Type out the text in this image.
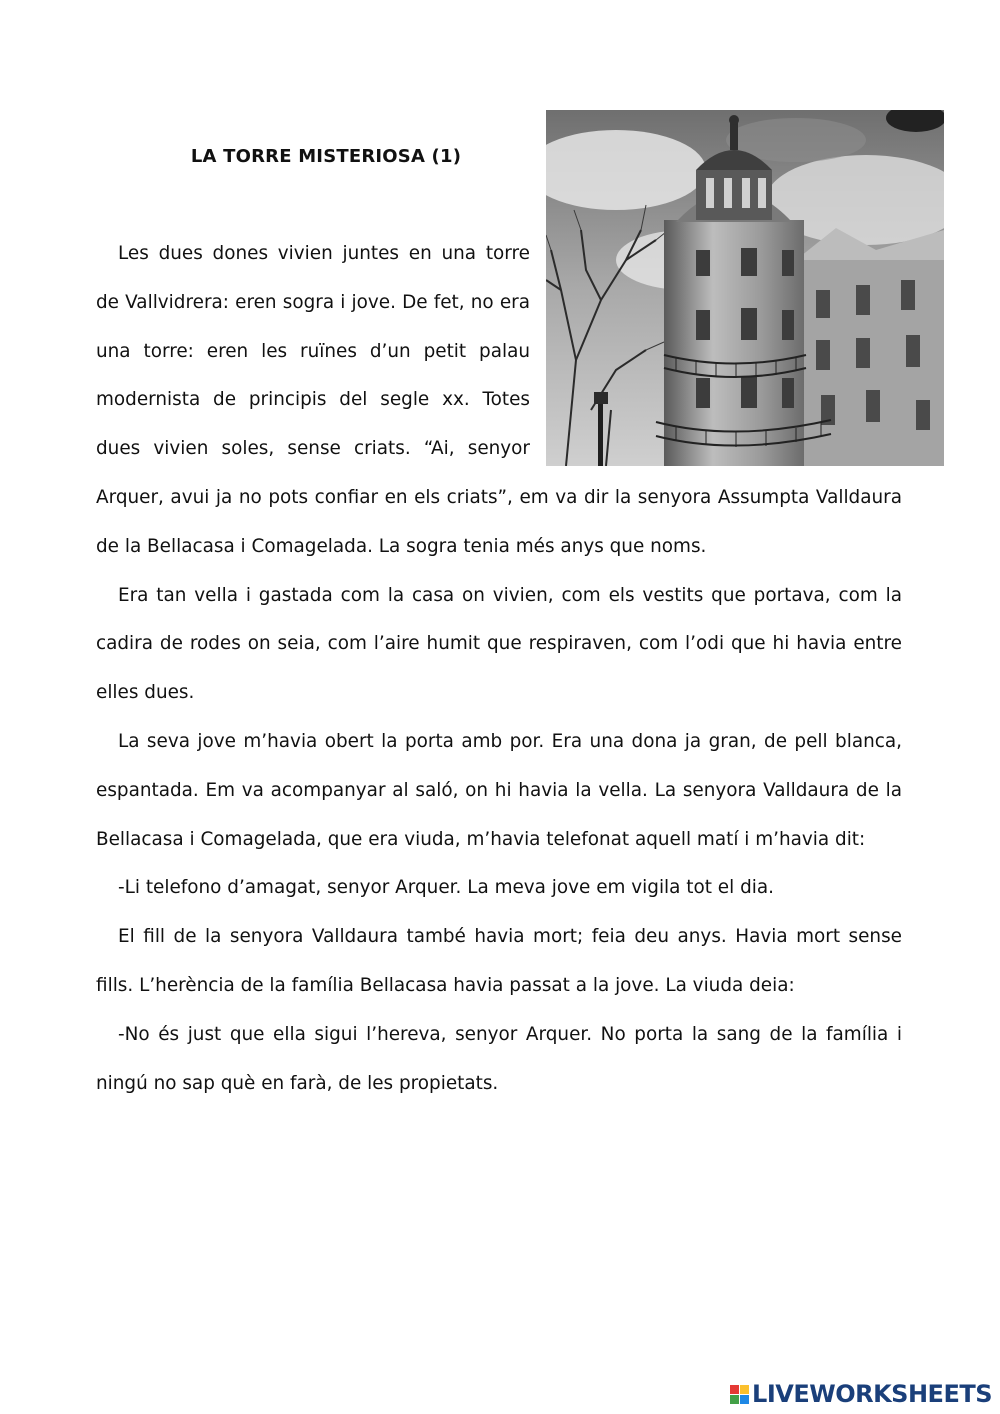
LA TORRE MISTERIOSA (1)

Les dues dones vivien juntes en una torre de Vallvidrera: eren sogra i jove. De fet, no era una torre: eren les ruïnes d’un petit palau modernista de principis del segle xx. Totes dues vivien soles, sense criats. “Ai, senyor Arquer, avui ja no pots confiar en els criats”, em va dir la senyora Assumpta Valldaura de la Bellacasa i Comagelada. La sogra tenia més anys que noms.

Era tan vella i gastada com la casa on vivien, com els vestits que portava, com la cadira de rodes on seia, com l’aire humit que respiraven, com l’odi que hi havia entre elles dues.

La seva jove m’havia obert la porta amb por. Era una dona ja gran, de pell blanca, espantada. Em va acompanyar al saló, on hi havia la vella. La senyora Valldaura de la Bellacasa i Comagelada, que era viuda, m’havia telefonat aquell matí i m’havia dit:

-Li telefono d’amagat, senyor Arquer. La meva jove em vigila tot el dia.

El fill de la senyora Valldaura també havia mort; feia deu anys. Havia mort sense fills. L’herència de la família Bellacasa havia passat a la jove. La viuda deia:

-No és just que ella sigui l’hereva, senyor Arquer. No porta la sang de la família i ningú no sap què en farà, de les propietats.

LIVEWORKSHEETS
